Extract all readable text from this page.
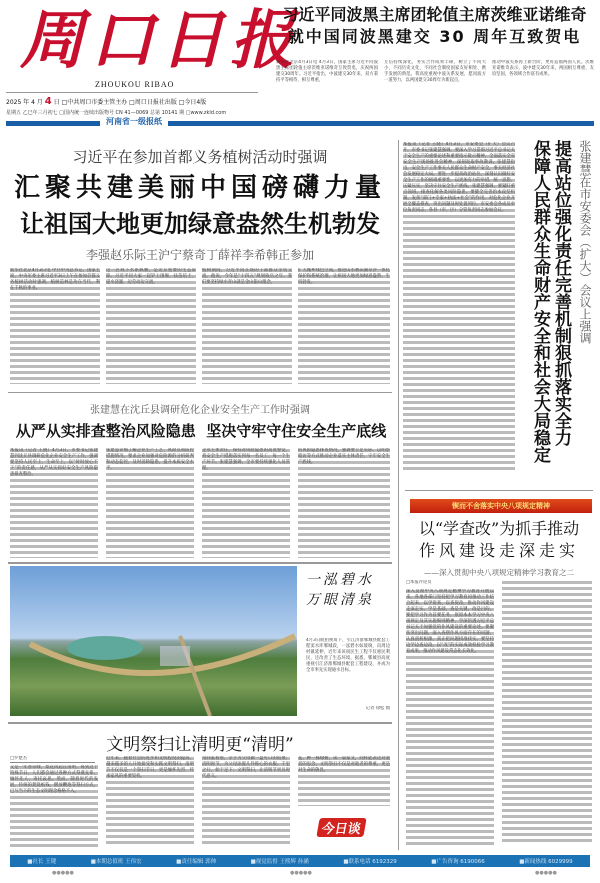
周口日报
ZHOUKOU RIBAO
2025 年 4 月 4 日 □中共周口市委主管主办 □周口日报社出版 □今日4版
星期五 乙巳年三月初七 □国内统一连续出版物号 CN 41—0069 总第 10141 期 □www.zkld.com
河南省一级报纸
习近平同波黑主席团轮值主席茨维亚诺维奇
就中国同波黑建交 30 周年互致贺电
新华社北京4月3日电 4月3日，国家主席习近平同波黑主席团轮值主席茨维亚诺维奇互致贺电，庆祝两国建交30周年。习近平指出，中波建交30年来，双方秉持平等相待、相互尊重，
互信持续深化，务实合作成果丰硕，树立了不同大小、不同历史文化、不同社会制度国家友好相处、携手发展的典范。我高度重视中波关系发展，愿同波方一道努力，以两国建交30周年为新起点，
推动中波关系再上新台阶，更好造福两国人民。茨维亚诺维奇表示，波中建交30年来，两国相互尊重、友谊坚固，各领域合作富有成果。
习近平在参加首都义务植树活动时强调
汇聚共建美丽中国磅礴力量
让祖国大地更加绿意盎然生机勃发
李强赵乐际王沪宁蔡奇丁薛祥李希韩正参加
新华社北京4月3日电 中共中央总书记、国家主席、中央军委主席习近平3日上午在参加首都义务植树活动时强调，植树造林是功在当代、利在千秋的事业。
这一区域下水系纵横，是北京重要的生态屏障。习近平同大家一起铲土围堰、扶苗培土、提水浇灌，边劳动边交流。
植树期间，习近平同在场的干部群众亲切交流。他说，今年是“十四五”规划收官之年，我们要坚持绿水青山就是金山银山理念。
扩大城乡绿色空间，推进山水林田湖草沙一体化保护和系统治理，让祖国大地更加绿意盎然、生机勃发。
本报讯（记者 王晓）4月3日，市安委会（扩大）会议召开，市委书记张建慧强调，要深入学习贯彻习近平总书记关于安全生产的重要论述和重要指示批示精神，全面落实全省安全生产现场推进会精神，深刻汲取事故教训。张建慧指出，安全生产工作事关人民群众生命财产安全，事关经济社会发展稳定大局。要进一步提高政治站位，深刻认识做好安全生产工作的极端重要性，以更加有力的举措，统一思想，压紧压实，坚决守住安全生产底线。张建慧强调，要紧盯重点领域，排查化解各类风险隐患。要健全完善治本攻坚机制，发挥“部门+专家+执法+社会”的作用，对危化企业开展全覆盖排查，突出问题及时处置到位。市安委会各成员单位负责同志，各县（市、区）分管负责同志参加会议。	保障人民群众生命财产安全和社会大局稳定 提高站位强化责任完善机制狠抓落实全力 张建慧在市安委会（扩大）会议上强调
张建慧在沈丘县调研危化企业安全生产工作时强调
从严从实排查整治风险隐患  坚决守牢守住安全生产底线
本报讯（记者 王晓）4月3日，市委书记张建慧到沈丘县调研危化企业安全生产工作，强调要坚持人民至上、生命至上，以“时时放心不下”的责任感，从严从实抓好安全生产风险隐患排查整治。
张建慧详细了解企业生产工艺、风险点和防控措施情况，要求企业加强对危险源的分析研判和动态监控，及时消除隐患，提升本质安全水平。
企业主体责任，保持对风险隐患的高度警觉，将安全生产措施落实到每一名员工、每一个生产环节。张建慧强调，全市要持续强化人员管理。
的风险隐患排查情况，强调要立足实际，以明察暗访等方式推动企业落实主体责任，守牢安全生产底线。
一泓碧水
万眼清泉
4月3日航拍视角下，引江济淮郸城县配套工程窦水库郸城段，一泓碧水如玻璃，向周边村镇延伸，近年来该项民生工程不仅惠民利民，还改善了生态环境。据悉，郸城县高度重视引江济淮郸城县配套工程建设，并成为全市率先实现通水目标。
记者 徐松 摄
文明祭扫让清明更“清明”
□罗楚杰
又是一年春草绿，梨花风起正清明。每到这个特殊节日，人们都会通过各种方式祭奠先辈、缅怀先人、寄托哀思。然而，随着时代的发展，传统的焚烧纸钱、燃放鞭炮等祭扫方式，已与当下的生态文明理念格格不入。
近年来，随着社会的进步和文明程度的提高，越来越多的人开始接受和实践文明祭扫。清明节不仅仅是一个祭扫节日，更是缅怀先烈、传承家风的重要契机。
常回家看看，亲手为父母做一盘可口的饭菜；清明时节，为父母添置几件称心的衣服。千里之行，始于足下；文明祭扫，让清明节更具时代意义。
花，种一株绿树，读一篇家文，同样能表达对逝者的思念。文明祭扫不仅是对逝者的尊重，更是对生命的敬畏。
今日谈
锲而不舍落实中央八项规定精神
以“学查改”为抓手推动
作风建设走深走实
——深入贯彻中央八项规定精神学习教育之二
□本报评论员
深入贯彻中央八项规定精神学习教育开展以来，各地各部门坚持把学习教育同推动工作结合起来，以学促查、以查促改，推动作风建设走深走实。学是基础，查是关键，改是目的。要把学习作为首要任务，原原本本学习中央八项规定及其实施细则精神，学深悟透习近平总书记关于加强党的作风建设的重要论述。要聚焦突出问题，深入查摆作风方面存在的问题，认真剖析根源，真正把问题找准找实。要坚持边学边查边改，以“改”的实际成效检验学习教育成果，推动作风建设常态化长效化。
■社长 王键	■本期总值班 王伟宏	■责任编辑 郭帅	■视觉监督 王熙辉 孙涵	■联系电话 6192329	■广告咨询 6190066	■新闻热线 6029999
●●●●●	●●●●●	●●●●●
